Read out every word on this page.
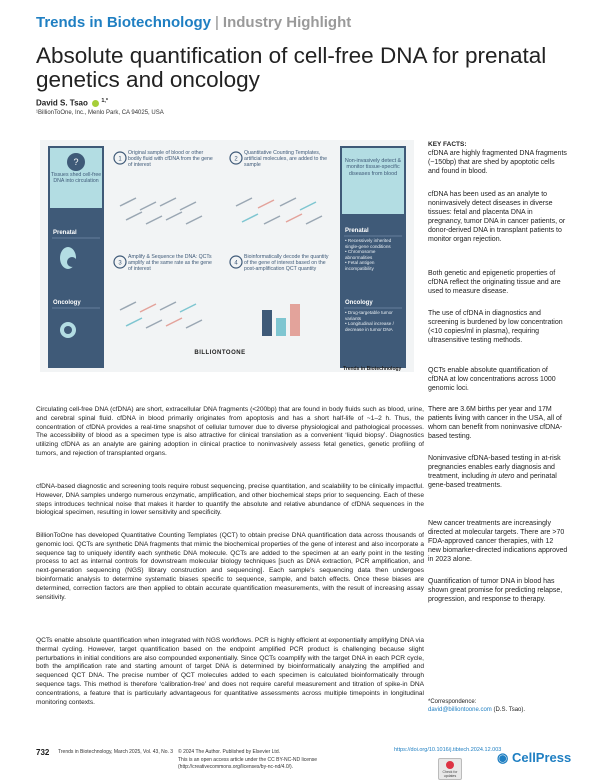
Trends in Biotechnology | Industry Highlight
Absolute quantification of cell-free DNA for prenatal genetics and oncology
David S. Tsao $^{1,*}$
¹BillionToOne, Inc., Menlo Park, CA 94025, USA
?
Tissues shed cell-free DNA into circulation
Prenatal
Oncology
1
Original sample of blood or other bodily fluid with cfDNA from the gene of interest
2
Quantitative Counting Templates, artificial molecules, are added to the sample
3
Amplify & Sequence the DNA: QCTs amplify at the same rate as the gene of interest
4
Bioinformatically decode the quantity of the gene of interest based on the post-amplification QCT quantity
Non-invasively detect & monitor tissue-specific diseases from blood
Prenatal
• Recessively inherited single-gene conditions
• Chromosome abnormalities
• Fetal antigen incompatibility
Oncology
• Drug-targetable tumor variants
• Longitudinal increase / decrease in tumor DNA
BILLIONTOONE
Trends in Biotechnology
Circulating cell-free DNA (cfDNA) are short, extracellular DNA fragments (<200bp) that are found in body fluids such as blood, urine, and cerebral spinal fluid. cfDNA in blood primarily originates from apoptosis and has a short half-life of ~1–2 h. Thus, the concentration of cfDNA provides a real-time snapshot of cellular turnover due to diverse physiological and pathological processes. The accessibility of blood as a specimen type is also attractive for clinical translation as a convenient ‘liquid biopsy’. Diagnostics utilizing cfDNA as an analyte are gaining adoption in clinical practice to noninvasively assess fetal genetics, genetic profiling of tumors, and rejection of transplanted organs.
cfDNA-based diagnostic and screening tools require robust sequencing, precise quantitation, and scalability to be clinically impactful. However, DNA samples undergo numerous enzymatic, amplification, and other biochemical steps prior to sequencing. Each of these steps introduces technical noise that makes it harder to quantify the absolute and relative abundance of cfDNA sequences in the biological specimen, resulting in lower sensitivity and specificity.
BillionToOne has developed Quantitative Counting Templates (QCT) to obtain precise DNA quantification data across thousands of genomic loci. QCTs are synthetic DNA fragments that mimic the biochemical properties of the gene of interest and also incorporate a sequence tag to uniquely identify each synthetic DNA molecule. QCTs are added to the specimen at an early point in the testing process to act as internal controls for downstream molecular biology techniques [such as DNA extraction, PCR amplification, and next-generation sequencing (NGS) library construction and sequencing]. Each sample’s sequencing data then undergoes bioinformatic analysis to determine systematic biases specific to sequence, sample, and batch effects. Once these biases are determined, correction factors are then applied to obtain accurate quantification measurements, with the result of increasing assay sensitivity.
QCTs enable absolute quantification when integrated with NGS workflows. PCR is highly efficient at exponentially amplifying DNA via thermal cycling. However, target quantification based on the endpoint amplified PCR product is challenging because slight perturbations in initial conditions are also compounded exponentially. Since QCTs coamplify with the target DNA in each PCR cycle, both the amplification rate and starting amount of target DNA is determined by bioinformatically analyzing the amplified and sequenced QCT DNA. The precise number of QCT molecules added to each specimen is calculated bioinformatically through sequence tags. This method is therefore ‘calibration-free’ and does not require careful measurement and titration of spike-in DNA concentrations, a feature that is particularly advantageous for quantitative assessments across multiple timepoints in longitudinal monitoring contexts.
KEY FACTS:
cfDNA are highly fragmented DNA fragments (~150bp) that are shed by apoptotic cells and found in blood.
cfDNA has been used as an analyte to noninvasively detect diseases in diverse tissues: fetal and placenta DNA in pregnancy, tumor DNA in cancer patients, or donor-derived DNA in transplant patients to monitor organ rejection.
Both genetic and epigenetic properties of cfDNA reflect the originating tissue and are used to measure disease.
The use of cfDNA in diagnostics and screening is burdened by low concentration (<10 copies/ml in plasma), requiring ultrasensitive testing methods.
QCTs enable absolute quantification of cfDNA at low concentrations across 1000 genomic loci.
There are 3.6M births per year and 17M patients living with cancer in the USA, all of whom can benefit from noninvasive cfDNA-based testing.
Noninvasive cfDNA-based testing in at-risk pregnancies enables early diagnosis and treatment, including in utero and perinatal gene-based treatments.
New cancer treatments are increasingly directed at molecular targets. There are >70 FDA-approved cancer therapies, with 12 new biomarker-directed indications approved in 2023 alone.
Quantification of tumor DNA in blood has shown great promise for predicting relapse, progression, and response to therapy.
*Correspondence:
david@billiontoone.com (D.S. Tsao).
732 Trends in Biotechnology, March 2025, Vol. 43, No. 3 © 2024 The Author. Published by Elsevier Ltd.
This is an open access article under the CC BY-NC-ND license
(http://creativecommons.org/licenses/by-nc-nd/4.0/).
https://doi.org/10.1016/j.tibtech.2024.12.003
Check for updates
◉ CellPress
